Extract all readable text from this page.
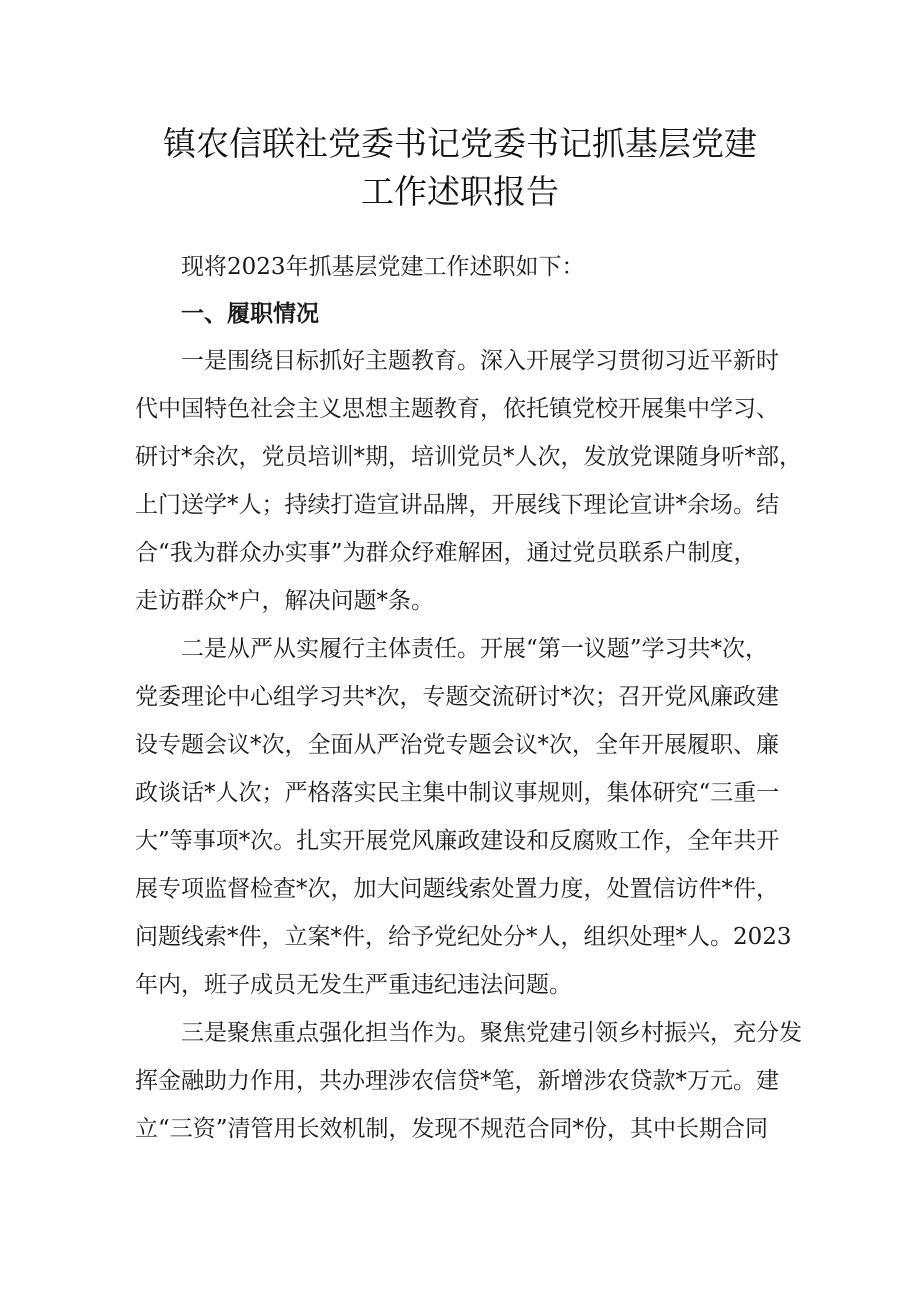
镇农信联社党委书记党委书记抓基层党建
工作述职报告
现将2023年抓基层党建工作述职如下：
一、履职情况
一是围绕目标抓好主题教育。深入开展学习贯彻习近平新时
代中国特色社会主义思想主题教育，依托镇党校开展集中学习、
研讨*余次，党员培训*期，培训党员*人次，发放党课随身听*部，
上门送学*人；持续打造宣讲品牌，开展线下理论宣讲*余场。结
合“我为群众办实事”为群众纾难解困，通过党员联系户制度，
走访群众*户，解决问题*条。
二是从严从实履行主体责任。开展“第一议题”学习共*次，
党委理论中心组学习共*次，专题交流研讨*次；召开党风廉政建
设专题会议*次，全面从严治党专题会议*次，全年开展履职、廉
政谈话*人次；严格落实民主集中制议事规则，集体研究“三重一
大”等事项*次。扎实开展党风廉政建设和反腐败工作，全年共开
展专项监督检查*次，加大问题线索处置力度，处置信访件*件，
问题线索*件，立案*件，给予党纪处分*人，组织处理*人。2023
年内，班子成员无发生严重违纪违法问题。
三是聚焦重点强化担当作为。聚焦党建引领乡村振兴，充分发
挥金融助力作用，共办理涉农信贷*笔，新增涉农贷款*万元。建
立“三资”清管用长效机制，发现不规范合同*份，其中长期合同
